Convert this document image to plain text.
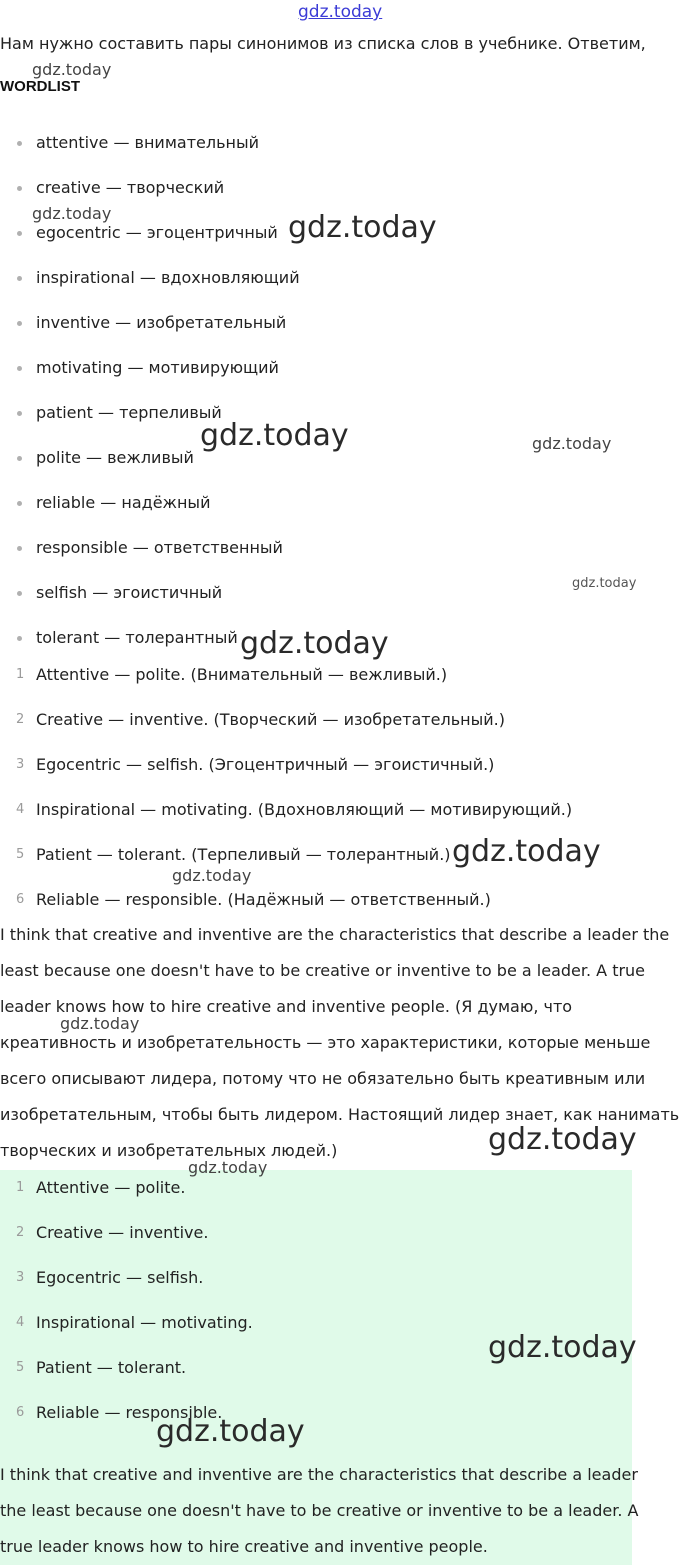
gdz.today
Нам нужно составить пары синонимов из списка слов в учебнике. Ответим,
WORDLIST
attentive — внимательный
creative — творческий
egocentric — эгоцентричный
inspirational — вдохновляющий
inventive — изобретательный
motivating — мотивирующий
patient — терпеливый
polite — вежливый
reliable — надёжный
responsible — ответственный
selfish — эгоистичный
tolerant — толерантный
1 Attentive — polite. (Внимательный — вежливый.)
2 Creative — inventive. (Творческий — изобретательный.)
3 Egocentric — selfish. (Эгоцентричный — эгоистичный.)
4 Inspirational — motivating. (Вдохновляющий — мотивирующий.)
5 Patient — tolerant. (Терпеливый — толерантный.)
6 Reliable — responsible. (Надёжный — ответственный.)

I think that creative and inventive are the characteristics that describe a leader the least because one doesn't have to be creative or inventive to be a leader. A true leader knows how to hire creative and inventive people. (Я думаю, что креативность и изобретательность — это характеристики, которые меньше всего описывают лидера, потому что не обязательно быть креативным или изобретательным, чтобы быть лидером. Настоящий лидер знает, как нанимать творческих и изобретательных людей.)

1 Attentive — polite.
2 Creative — inventive.
3 Egocentric — selfish.
4 Inspirational — motivating.
5 Patient — tolerant.
6 Reliable — responsible.

I think that creative and inventive are the characteristics that describe a leader the least because one doesn't have to be creative or inventive to be a leader. A true leader knows how to hire creative and inventive people.

gdz.today
gdz.today	gdz.today
gdz.today	gdz.today
gdz.today
gdz.today
gdz.today
gdz.today
gdz.today
gdz.today
gdz.today
gdz.today
gdz.today
